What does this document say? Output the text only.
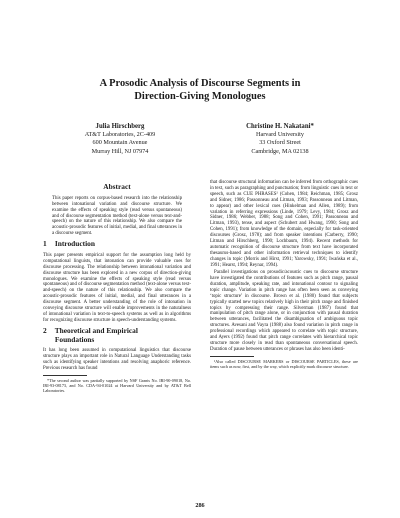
A Prosodic Analysis of Discourse Segments in
Direction-Giving Monologues
Julia Hirschberg
AT&T Laboratories, 2C-409
600 Mountain Avenue
Murray Hill, NJ 07974
Christine H. Nakatani*
Harvard University
33 Oxford Street
Cambridge, MA 02138
Abstract

This paper reports on corpus-based research into the relationship between intonational variation and discourse structure. We examine the effects of speaking style (read versus spontaneous) and of discourse segmentation method (text-alone versus text-and-speech) on the nature of this relationship. We also compare the acoustic-prosodic features of initial, medial, and final utterances in a discourse segment.

1 Introduction

This paper presents empirical support for the assumption long held by computational linguists, that intonation can provide valuable cues for discourse processing. The relationship between intonational variation and discourse structure has been explored in a new corpus of direction-giving monologues. We examine the effects of speaking style (read versus spontaneous) and of discourse segmentation method (text-alone versus text-and-speech) on the nature of this relationship. We also compare the acoustic-prosodic features of initial, medial, and final utterances in a discourse segment. A better understanding of the role of intonation in conveying discourse structure will enable improvements in the naturalness of intonational variation in text-to-speech systems as well as in algorithms for recognizing discourse structure in speech-understanding systems.

2 Theoretical and Empirical
Foundations

It has long been assumed in computational linguistics that discourse structure plays an important role in Natural Language Understanding tasks such as identifying speaker intentions and resolving anaphoric reference. Previous research has found

*The second author was partially supported by NSF Grants No. IRI-90-09018, No. IRI-93-08173, and No. CDA-94-01024 at Harvard University and by AT&T Bell Laboratories.

that discourse structural information can be inferred from orthographic cues in text, such as paragraphing and punctuation; from linguistic cues in text or speech, such as CUE PHRASES¹ (Cohen, 1984; Reichman, 1985; Grosz and Sidner, 1986; Passonneau and Litman, 1993; Passonneau and Litman, to appear) and other lexical cues (Hinkelman and Allen, 1989); from variation in referring expressions (Linde, 1979; Levy, 1984; Grosz and Sidner, 1986; Webber, 1988; Song and Cohen, 1991; Passonneau and Litman, 1993), tense, and aspect (Schubert and Hwang, 1990; Song and Cohen, 1991); from knowledge of the domain, especially for task-oriented discourses (Grosz, 1978); and from speaker intentions (Carberry, 1990; Litman and Hirschberg, 1990; Lochbaum, 1994). Recent methods for automatic recognition of discourse structure from text have incorporated thesaurus-based and other information retrieval techniques to identify changes in topic (Morris and Hirst, 1991; Yarowsky, 1991; Iwańska et al., 1991; Hearst, 1994; Reynar, 1994).

Parallel investigations on prosodic/acoustic cues to discourse structure have investigated the contributions of features such as pitch range, pausal duration, amplitude, speaking rate, and intonational contour to signaling topic change. Variation in pitch range has often been seen as conveying ‘topic structure’ in discourse. Brown et al. (1980) found that subjects typically started new topics relatively high in their pitch range and finished topics by compressing their range. Silverman (1987) found that manipulation of pitch range alone, or in conjunction with pausal duration between utterances, facilitated the disambiguation of ambiguous topic structures. Avesani and Vayra (1988) also found variation in pitch range in professional recordings which appeared to correlate with topic structure, and Ayers (1992) found that pitch range correlates with hierarchical topic structure more closely in read than spontaneous conversational speech. Duration of pause between utterances or phrases has also been identi-

¹Also called DISCOURSE MARKERS or DISCOURSE PARTICLES, these are items such as now, first, and by the way, which explicitly mark discourse structure.

286
